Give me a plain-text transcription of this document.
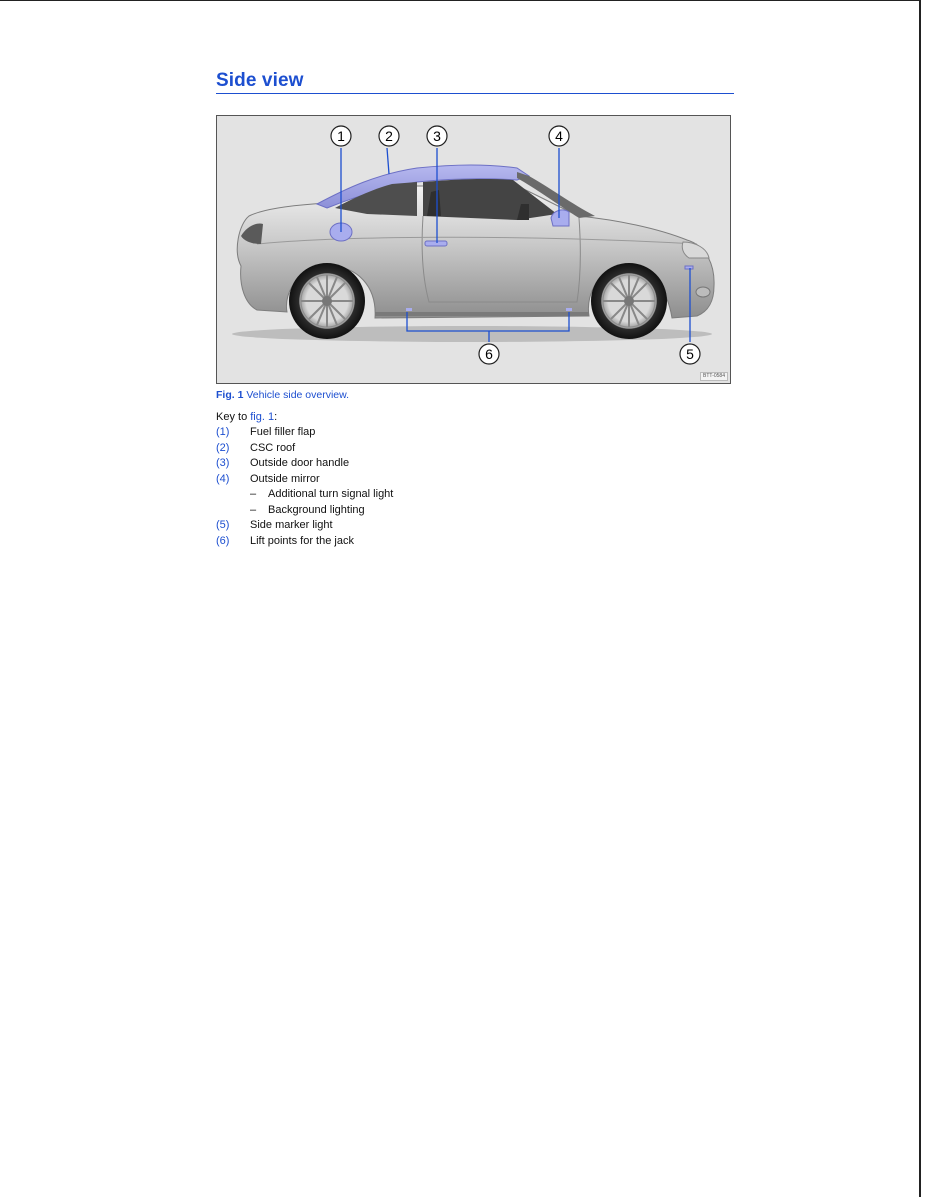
Side view
1	2	3	4
5
6
BTT-0584
Fig. 1 Vehicle side overview.
Key to fig. 1:
(1) Fuel filler flap
(2) CSC roof
(3) Outside door handle
(4) Outside mirror
– Additional turn signal light
– Background lighting
(5) Side marker light
(6) Lift points for the jack
